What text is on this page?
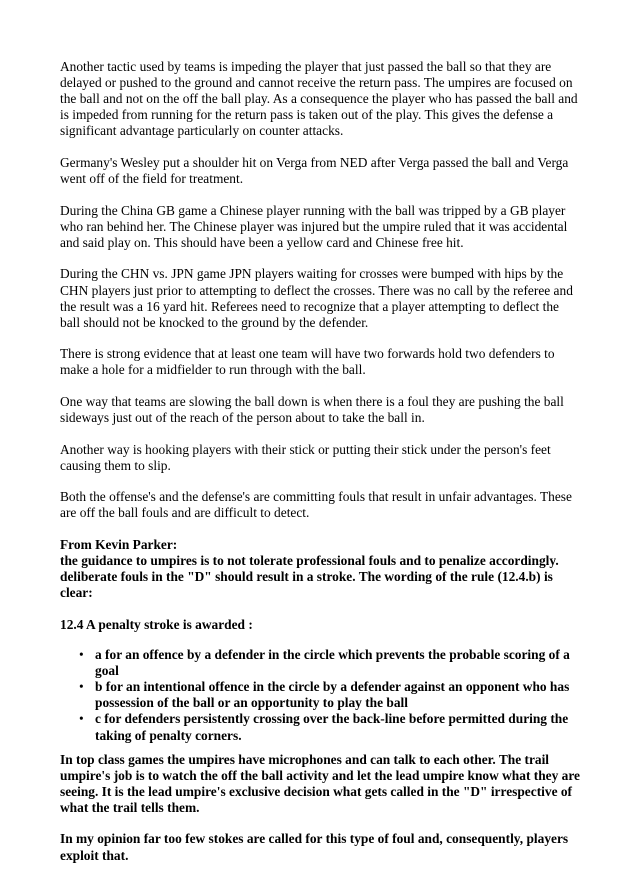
Another tactic used by teams is impeding the player that just passed the ball so that they are delayed or pushed to the ground and cannot receive the return pass. The umpires are focused on the ball and not on the off the ball play. As a consequence the player who has passed the ball and is impeded from running for the return pass is taken out of the play. This gives the defense a significant advantage particularly on counter attacks.

Germany's Wesley put a shoulder hit on Verga from NED after Verga passed the ball and Verga went off of the field for treatment.

During the China GB game a Chinese player running with the ball was tripped by a GB player who ran behind her. The Chinese player was injured but the umpire ruled that it was accidental and said play on. This should have been a yellow card and Chinese free hit.

During the CHN vs. JPN game JPN players waiting for crosses were bumped with hips by the CHN players just prior to attempting to deflect the crosses. There was no call by the referee and the result was a 16 yard hit. Referees need to recognize that a player attempting to deflect the ball should not be knocked to the ground by the defender.

There is strong evidence that at least one team will have two forwards hold two defenders to make a hole for a midfielder to run through with the ball.

One way that teams are slowing the ball down is when there is a foul they are pushing the ball sideways just out of the reach of the person about to take the ball in.

Another way is hooking players with their stick or putting their stick under the person's feet causing them to slip.

Both the offense's and the defense's are committing fouls that result in unfair advantages. These are off the ball fouls and are difficult to detect.

From Kevin Parker:
the guidance to umpires is to not tolerate professional fouls and to penalize accordingly.

deliberate fouls in the "D" should result in a stroke. The wording of the rule (12.4.b) is clear:

12.4 A penalty stroke is awarded :

• a for an offence by a defender in the circle which prevents the probable scoring of a goal
• b for an intentional offence in the circle by a defender against an opponent who has possession of the ball or an opportunity to play the ball
• c for defenders persistently crossing over the back-line before permitted during the taking of penalty corners.

In top class games the umpires have microphones and can talk to each other. The trail umpire's job is to watch the off the ball activity and let the lead umpire know what they are seeing. It is the lead umpire's exclusive decision what gets called in the "D" irrespective of what the trail tells them.

In my opinion far too few stokes are called for this type of foul and, consequently, players exploit that.
